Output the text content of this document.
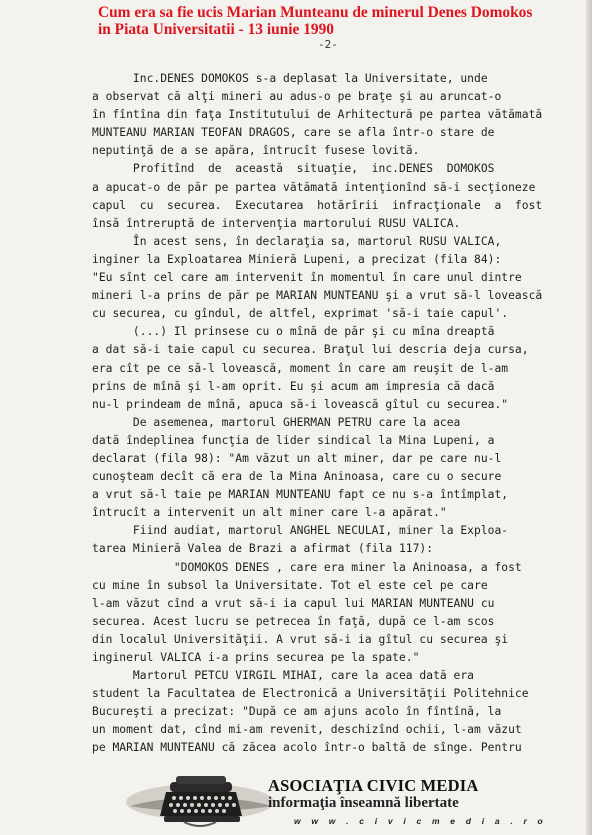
Cum era sa fie ucis Marian Munteanu de minerul Denes Domokos
in Piata Universitatii - 13 iunie 1990
-2-
Inc.DENES DOMOKOS s-a deplasat la Universitate, unde
a observat că alţi mineri au adus-o pe braţe şi au aruncat-o
în fîntîna din faţa Institutului de Arhitectură pe partea vătămată
MUNTEANU MARIAN TEOFAN DRAGOS, care se afla într-o stare de
neputinţă de a se apăra, întrucît fusese lovită.
Profitînd  de  această  situaţie,  inc.DENES  DOMOKOS
a apucat-o de păr pe partea vătămată intenţionînd să-i secţioneze
capul  cu  securea.  Executarea  hotărîrii  infracţionale  a  fost
însă întreruptă de intervenţia martorului RUSU VALICA.
În acest sens, în declaraţia sa, martorul RUSU VALICA,
inginer la Exploatarea Minieră Lupeni, a precizat (fila 84):
"Eu sînt cel care am intervenit în momentul în care unul dintre
mineri l-a prins de păr pe MARIAN MUNTEANU şi a vrut să-l lovească
cu securea, cu gîndul, de altfel, exprimat 'să-i taie capul'.
(...) Il prinsese cu o mînă de păr şi cu mîna dreaptă
a dat să-i taie capul cu securea. Braţul lui descria deja cursa,
era cît pe ce să-l lovească, moment în care am reuşit de l-am
prins de mînă şi l-am oprit. Eu şi acum am impresia că dacă
nu-l prindeam de mînă, apuca să-i lovească gîtul cu securea."
De asemenea, martorul GHERMAN PETRU care la acea
dată îndeplinea funcţia de lider sindical la Mina Lupeni, a
declarat (fila 98): "Am văzut un alt miner, dar pe care nu-l
cunoşteam decît că era de la Mina Aninoasa, care cu o secure
a vrut să-l taie pe MARIAN MUNTEANU fapt ce nu s-a întîmplat,
întrucît a intervenit un alt miner care l-a apărat."
Fiind audiat, martorul ANGHEL NECULAI, miner la Exploa-
tarea Minieră Valea de Brazi a afirmat (fila 117):
"DOMOKOS DENES , care era miner la Aninoasa, a fost
cu mine în subsol la Universitate. Tot el este cel pe care
l-am văzut cînd a vrut să-i ia capul lui MARIAN MUNTEANU cu
securea. Acest lucru se petrecea în faţă, după ce l-am scos
din localul Universităţii. A vrut să-i ia gîtul cu securea şi
inginerul VALICA i-a prins securea pe la spate."
Martorul PETCU VIRGIL MIHAI, care la acea dată era
student la Facultatea de Electronică a Universităţii Politehnice
Bucureşti a precizat: "După ce am ajuns acolo în fîntînă, la
un moment dat, cînd mi-am revenit, deschizînd ochii, l-am văzut
pe MARIAN MUNTEANU că zăcea acolo într-o baltă de sînge. Pentru
ASOCIAŢIA CIVIC MEDIA
informaţia înseamnă libertate
w w w . c i v i c m e d i a . r o
